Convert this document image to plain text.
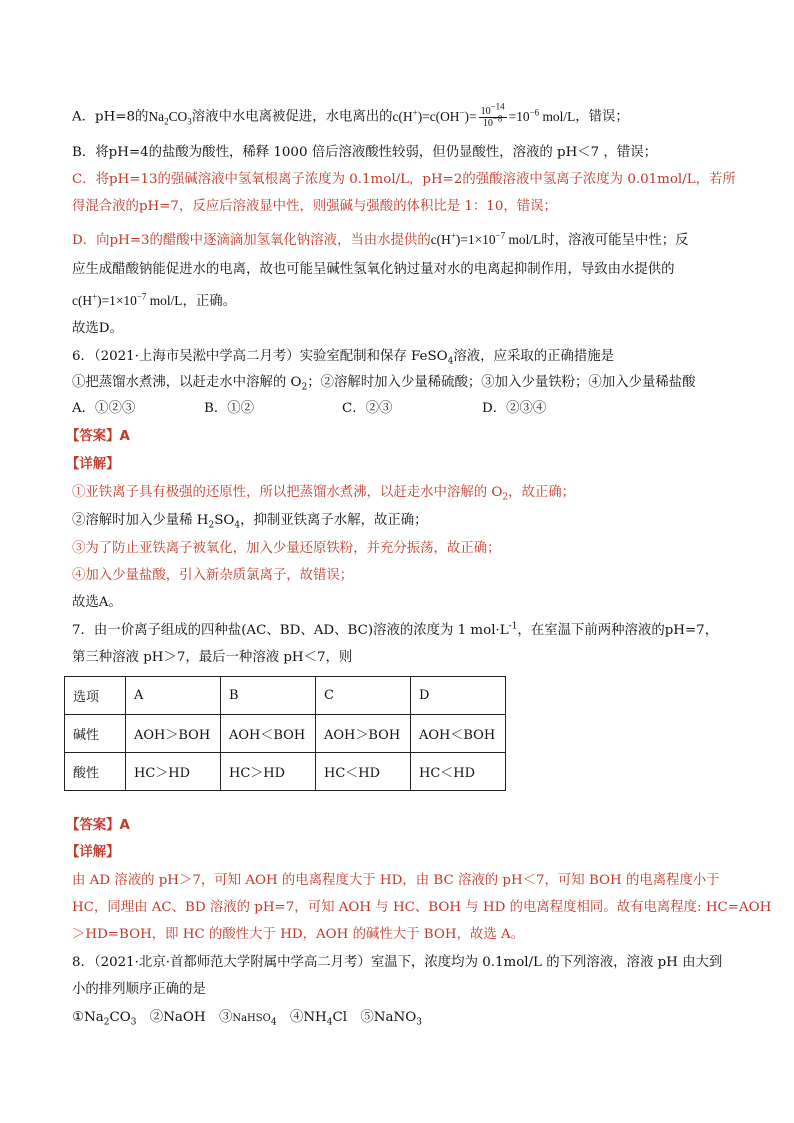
A．pH=8的$Na_2CO_3$溶液中水电离被促进，水电离出的$c(H^+)=c(OH^-)= \frac{10^{-14}}{10^{-8}} =10^{-6}$ mol/L，错误；
B．将pH=4的盐酸为酸性，稀释 1000 倍后溶液酸性较弱，但仍显酸性，溶液的 pH＜7 ，错误；
C．将pH=13的强碱溶液中氢氧根离子浓度为 0.1mol/L，pH=2的强酸溶液中氢离子浓度为 0.01mol/L，若所
得混合液的pH=7，反应后溶液显中性，则强碱与强酸的体积比是 1：10，错误；
D．向pH=3的醋酸中逐滴滴加氢氧化钠溶液，当由水提供的$c(H^+)=1\times 10^{-7}$ mol/L时，溶液可能呈中性；反
应生成醋酸钠能促进水的电离，故也可能呈碱性氢氧化钠过量对水的电离起抑制作用，导致由水提供的
$c(H^+)=1\times 10^{-7}$ mol/L，正确。
故选D。
6．（2021·上海市吴淞中学高二月考）实验室配制和保存 FeSO$_4$溶液，应采取的正确措施是
①把蒸馏水煮沸，以赶走水中溶解的 $O_2$；②溶解时加入少量稀硫酸；③加入少量铁粉；④加入少量稀盐酸
A．①②③	B．①②	C．②③	D．②③④
【答案】A
【详解】
①亚铁离子具有极强的还原性，所以把蒸馏水煮沸，以赶走水中溶解的 $O_2$，故正确；
②溶解时加入少量稀 $H_2SO_4$，抑制亚铁离子水解，故正确；
③为了防止亚铁离子被氧化，加入少量还原铁粉，并充分振荡，故正确；
④加入少量盐酸，引入新杂质氯离子，故错误；
故选A。
7．由一价离子组成的四种盐(AC、BD、AD、BC)溶液的浓度为 1 $mol\cdot L^{-1}$，在室温下前两种溶液的pH=7，
第三种溶液 pH＞7，最后一种溶液 pH＜7，则
选项	A	B	C	D
碱性	AOH＞BOH	AOH＜BOH	AOH＞BOH	AOH＜BOH
酸性	HC＞HD	HC＞HD	HC＜HD	HC＜HD
【答案】A
【详解】
由 AD 溶液的 pH＞7，可知 AOH 的电离程度大于 HD，由 BC 溶液的 pH＜7，可知 BOH 的电离程度小于
HC，同理由 AC、BD 溶液的 pH=7，可知 AOH 与 HC、BOH 与 HD 的电离程度相同。故有电离程度: HC=AOH
＞HD=BOH，即 HC 的酸性大于 HD，AOH 的碱性大于 BOH，故选 A。
8．（2021·北京·首都师范大学附属中学高二月考）室温下，浓度均为 0.1mol/L 的下列溶液，溶液 pH 由大到
小的排列顺序正确的是
$①Na_2CO_3$　②NaOH　③NaHSO$_4$　$④NH_4Cl$　⑤NaNO$_3$
